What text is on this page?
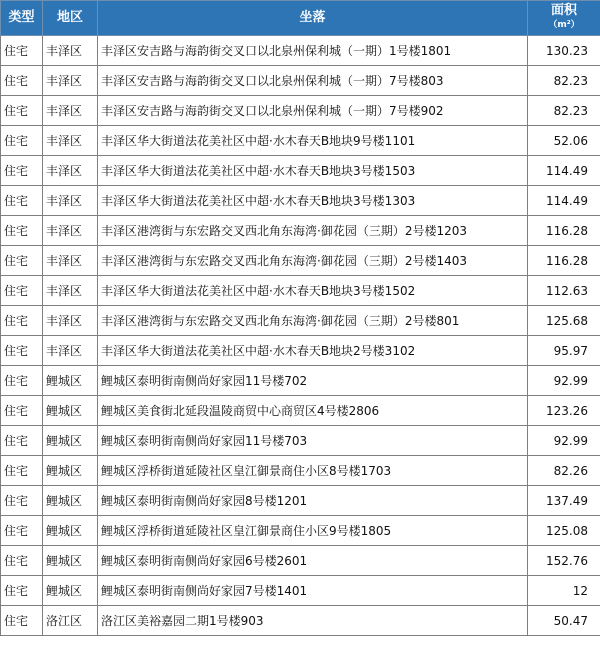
类型	地区	坐落	面积
（m²）

住宅	丰泽区	丰泽区安吉路与海韵街交叉口以北泉州保利城（一期）1号楼1801	130.23
住宅	丰泽区	丰泽区安吉路与海韵街交叉口以北泉州保利城（一期）7号楼803	82.23
住宅	丰泽区	丰泽区安吉路与海韵街交叉口以北泉州保利城（一期）7号楼902	82.23
住宅	丰泽区	丰泽区华大街道法花美社区中超·水木春天B地块9号楼1101	52.06
住宅	丰泽区	丰泽区华大街道法花美社区中超·水木春天B地块3号楼1503	114.49
住宅	丰泽区	丰泽区华大街道法花美社区中超·水木春天B地块3号楼1303	114.49
住宅	丰泽区	丰泽区港湾街与东宏路交叉西北角东海湾·御花园（三期）2号楼1203	116.28
住宅	丰泽区	丰泽区港湾街与东宏路交叉西北角东海湾·御花园（三期）2号楼1403	116.28
住宅	丰泽区	丰泽区华大街道法花美社区中超·水木春天B地块3号楼1502	112.63
住宅	丰泽区	丰泽区港湾街与东宏路交叉西北角东海湾·御花园（三期）2号楼801	125.68
住宅	丰泽区	丰泽区华大街道法花美社区中超·水木春天B地块2号楼3102	95.97
住宅	鲤城区	鲤城区泰明街南侧尚好家园11号楼702	92.99
住宅	鲤城区	鲤城区美食街北延段温陵商贸中心商贸区4号楼2806	123.26
住宅	鲤城区	鲤城区泰明街南侧尚好家园11号楼703	92.99
住宅	鲤城区	鲤城区浮桥街道延陵社区皇江御景商住小区8号楼1703	82.26
住宅	鲤城区	鲤城区泰明街南侧尚好家园8号楼1201	137.49
住宅	鲤城区	鲤城区浮桥街道延陵社区皇江御景商住小区9号楼1805	125.08
住宅	鲤城区	鲤城区泰明街南侧尚好家园6号楼2601	152.76
住宅	鲤城区	鲤城区泰明街南侧尚好家园7号楼1401	12
住宅	洛江区	洛江区美裕嘉园二期1号楼903	50.47
